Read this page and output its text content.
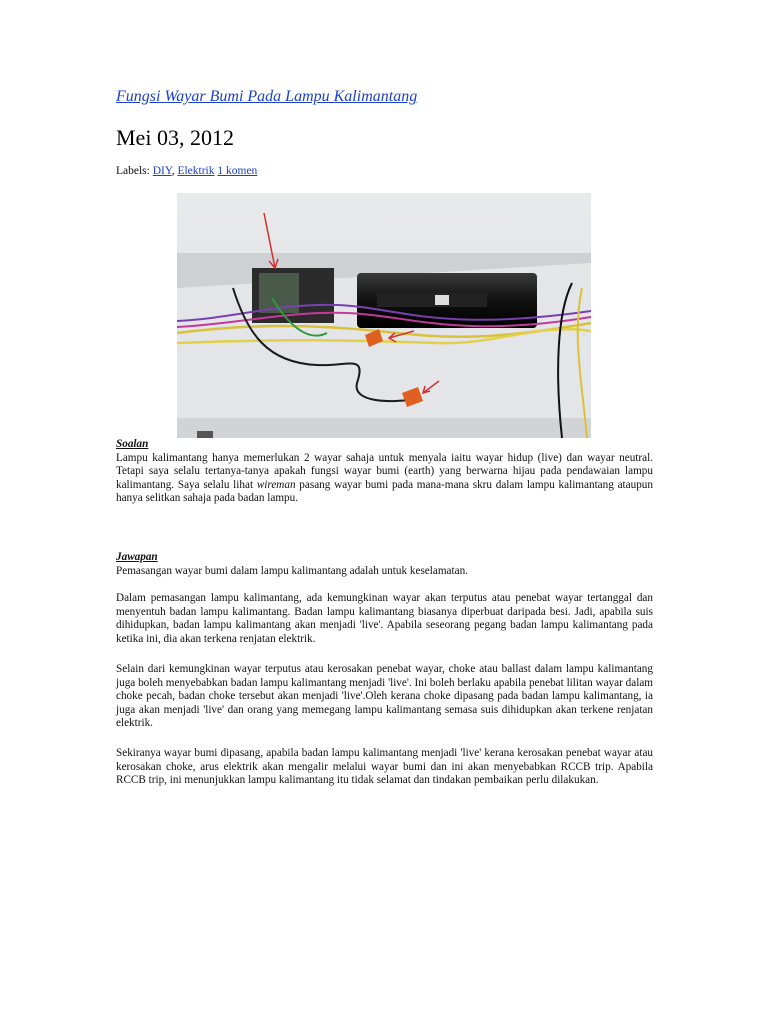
Fungsi Wayar Bumi Pada Lampu Kalimantang
Mei 03, 2012
Labels: DIY, Elektrik 1 komen
Soalan

Lampu kalimantang hanya memerlukan 2 wayar sahaja untuk menyala iaitu wayar hidup (live) dan wayar neutral. Tetapi saya selalu tertanya-tanya apakah fungsi wayar bumi (earth) yang berwarna hijau pada pendawaian lampu kalimantang. Saya selalu lihat wireman pasang wayar bumi pada mana-mana skru dalam lampu kalimantang ataupun hanya selitkan sahaja pada badan lampu.

Jawapan

Pemasangan wayar bumi dalam lampu kalimantang adalah untuk keselamatan.

Dalam pemasangan lampu kalimantang, ada kemungkinan wayar akan terputus atau penebat wayar tertanggal dan menyentuh badan lampu kalimantang. Badan lampu kalimantang biasanya diperbuat daripada besi. Jadi, apabila suis dihidupkan, badan lampu kalimantang akan menjadi 'live'. Apabila seseorang pegang badan lampu kalimantang pada ketika ini, dia akan terkena renjatan elektrik.

Selain dari kemungkinan wayar terputus atau kerosakan penebat wayar, choke atau ballast dalam lampu kalimantang juga boleh menyebabkan badan lampu kalimantang menjadi 'live'. Ini boleh berlaku apabila penebat lilitan wayar dalam choke pecah, badan choke tersebut akan menjadi 'live'.Oleh kerana choke dipasang pada badan lampu kalimantang, ia juga akan menjadi 'live' dan orang yang memegang lampu kalimantang semasa suis dihidupkan akan terkene renjatan elektrik.

Sekiranya wayar bumi dipasang, apabila badan lampu kalimantang menjadi 'live' kerana kerosakan penebat wayar atau kerosakan choke, arus elektrik akan mengalir melalui wayar bumi dan ini akan menyebabkan RCCB trip. Apabila RCCB trip, ini menunjukkan lampu kalimantang itu tidak selamat dan tindakan pembaikan perlu dilakukan.
